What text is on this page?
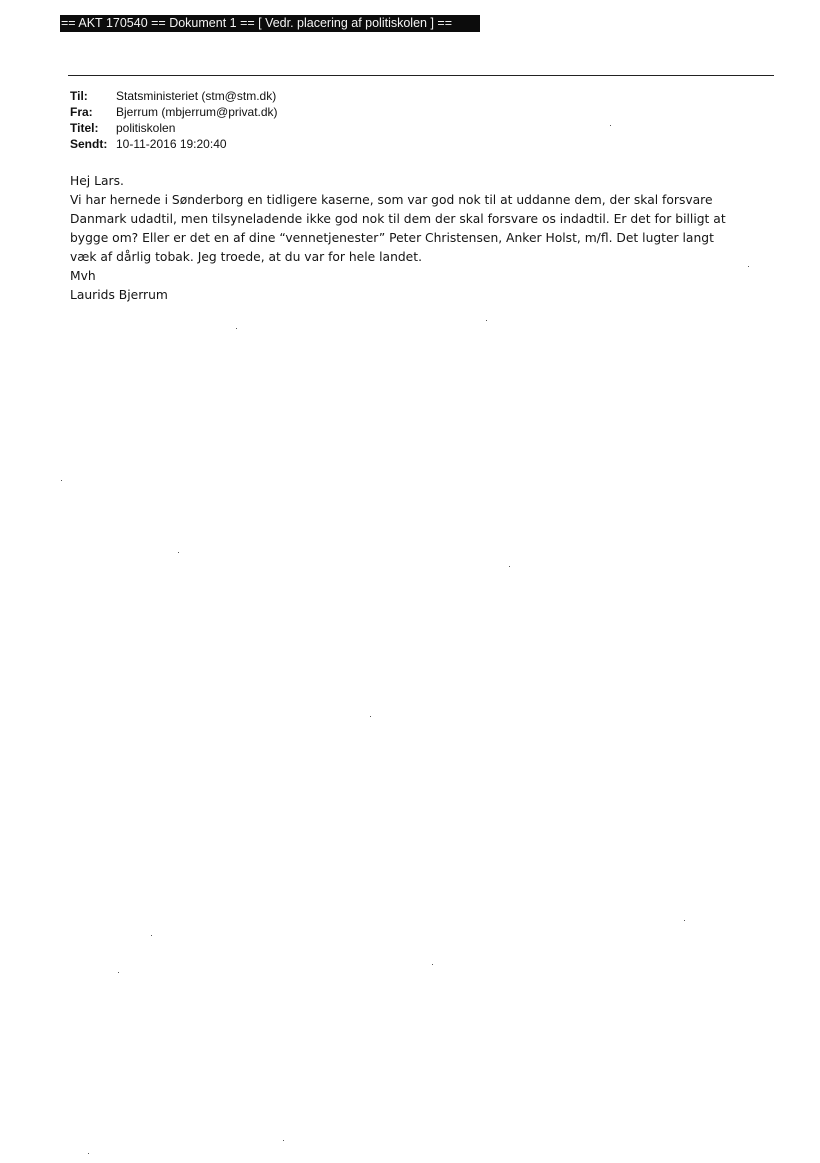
== AKT 170540 == Dokument 1 == [ Vedr. placering af politiskolen ] ==
Til:	Statsministeriet (stm@stm.dk)
Fra:	Bjerrum (mbjerrum@privat.dk)
Titel:	politiskolen
Sendt: 10-11-2016 19:20:40

Hej Lars.

Vi har hernede i Sønderborg en tidligere kaserne, som var god nok til at uddanne dem, der skal forsvare

Danmark udadtil, men tilsyneladende ikke god nok til dem der skal forsvare os indadtil. Er det for billigt at

bygge om? Eller er det en af dine “vennetjenester” Peter Christensen, Anker Holst, m/fl. Det lugter langt

væk af dårlig tobak. Jeg troede, at du var for hele landet.

Mvh

Laurids Bjerrum
